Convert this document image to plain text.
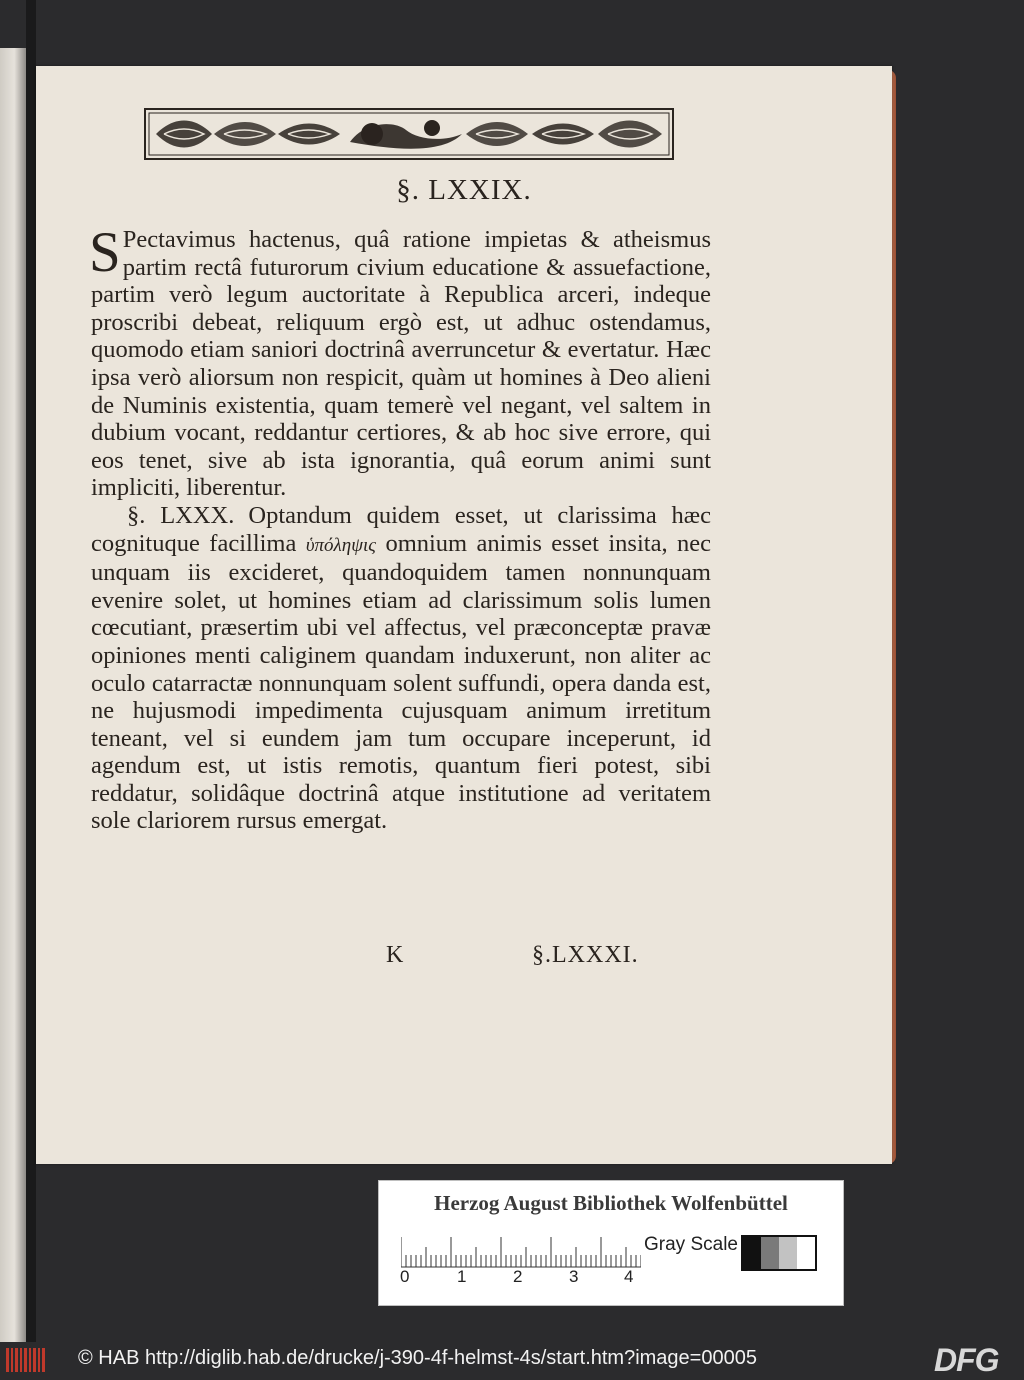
§. LXXIX.

S Pectavimus hactenus, quâ ratione impietas & atheismus partim rectâ futurorum civium educatione & assuefactione, partim verò legum auctoritate à Republica arceri, indeque proscribi debeat, reliquum ergò est, ut adhuc ostendamus, quomodo etiam saniori doctrinâ averruncetur & evertatur. Hæc ipsa verò aliorsum non respicit, quàm ut homines à Deo alieni de Numinis existentia, quam temerè vel negant, vel saltem in dubium vocant, reddantur certiores, & ab hoc sive errore, qui eos tenet, sive ab ista ignorantia, quâ eorum animi sunt impliciti, liberentur.

§. LXXX. Optandum quidem esset, ut clarissima hæc cognituque facillima ὑπόληψις omnium animis esset insita, nec unquam iis excideret, quandoquidem tamen nonnunquam evenire solet, ut homines etiam ad clarissimum solis lumen cœcutiant, præsertim ubi vel affectus, vel præconceptæ pravæ opiniones menti caliginem quandam induxerunt, non aliter ac oculo catarractæ nonnunquam solent suffundi, opera danda est, ne hujusmodi impedimenta cujusquam animum irretitum teneant, vel si eundem jam tum occupare inceperunt, id agendum est, ut istis remotis, quantum fieri potest, sibi reddatur, solidâque doctrinâ atque institutione ad veritatem sole clariorem rursus emergat.

K	§.LXXXI.
Herzog August Bibliothek Wolfenbüttel
0	1	2	3	4
Gray Scale
© HAB http://diglib.hab.de/drucke/j-390-4f-helmst-4s/start.htm?image=00005	DFG
